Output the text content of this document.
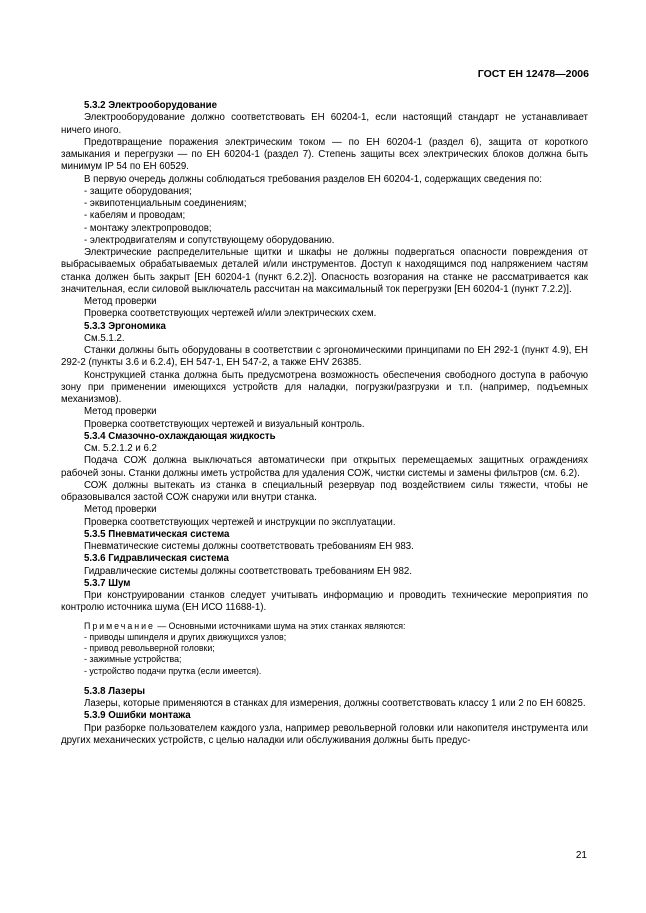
ГОСТ ЕН 12478—2006

5.3.2 Электрооборудование

Электрооборудование должно соответствовать ЕН 60204-1, если настоящий стандарт не устанавливает ничего иного.

Предотвращение поражения электрическим током — по ЕН 60204-1 (раздел 6), защита от короткого замыкания и перегрузки — по ЕН 60204-1 (раздел 7). Степень защиты всех электрических блоков должна быть минимум IP 54 по ЕН 60529.

В первую очередь должны соблюдаться требования разделов ЕН 60204-1, содержащих сведения по:

- защите оборудования;

- эквипотенциальным соединениям;

- кабелям и проводам;

- монтажу электропроводов;

- электродвигателям и сопутствующему оборудованию.

Электрические распределительные щитки и шкафы не должны подвергаться опасности повреждения от выбрасываемых обрабатываемых деталей и/или инструментов. Доступ к находящимся под напряжением частям станка должен быть закрыт [ЕН 60204-1 (пункт 6.2.2)]. Опасность возгорания на станке не рассматривается как значительная, если силовой выключатель рассчитан на максимальный ток перегрузки [ЕН 60204-1 (пункт 7.2.2)].

Метод проверки

Проверка соответствующих чертежей и/или электрических схем.

5.3.3 Эргономика

См.5.1.2.

Станки должны быть оборудованы в соответствии с эргономическими принципами по ЕН 292-1 (пункт 4.9), ЕН 292-2 (пункты 3.6 и 6.2.4), ЕН 547-1, ЕН 547-2, а также ЕНV 26385.

Конструкцией станка должна быть предусмотрена возможность обеспечения свободного доступа в рабочую зону при применении имеющихся устройств для наладки, погрузки/разгрузки и т.п. (например, подъемных механизмов).

Метод проверки

Проверка соответствующих чертежей и визуальный контроль.

5.3.4 Смазочно-охлаждающая жидкость

См. 5.2.1.2 и 6.2

Подача СОЖ должна выключаться автоматически при открытых перемещаемых защитных ограждениях рабочей зоны. Станки должны иметь устройства для удаления СОЖ, чистки системы и замены фильтров (см. 6.2).

СОЖ должны вытекать из станка в специальный резервуар под воздействием силы тяжести, чтобы не образовывался застой СОЖ снаружи или внутри станка.

Метод проверки

Проверка соответствующих чертежей и инструкции по эксплуатации.

5.3.5 Пневматическая система

Пневматические системы должны соответствовать требованиям ЕН 983.

5.3.6 Гидравлическая система

Гидравлические системы должны соответствовать требованиям ЕН 982.

5.3.7 Шум

При конструировании станков следует учитывать информацию и проводить технические мероприятия по контролю источника шума (ЕН ИСО 11688-1).

Примечание — Основными источниками шума на этих станках являются:

- приводы шпинделя и других движущихся узлов;

- привод револьверной головки;

- зажимные устройства;

- устройство подачи прутка (если имеется).

5.3.8 Лазеры

Лазеры, которые применяются в станках для измерения, должны соответствовать классу 1 или 2 по ЕН 60825.

5.3.9 Ошибки монтажа

При разборке пользователем каждого узла, например револьверной головки или накопителя инструмента или других механических устройств, с целью наладки или обслуживания должны быть предус-

21
